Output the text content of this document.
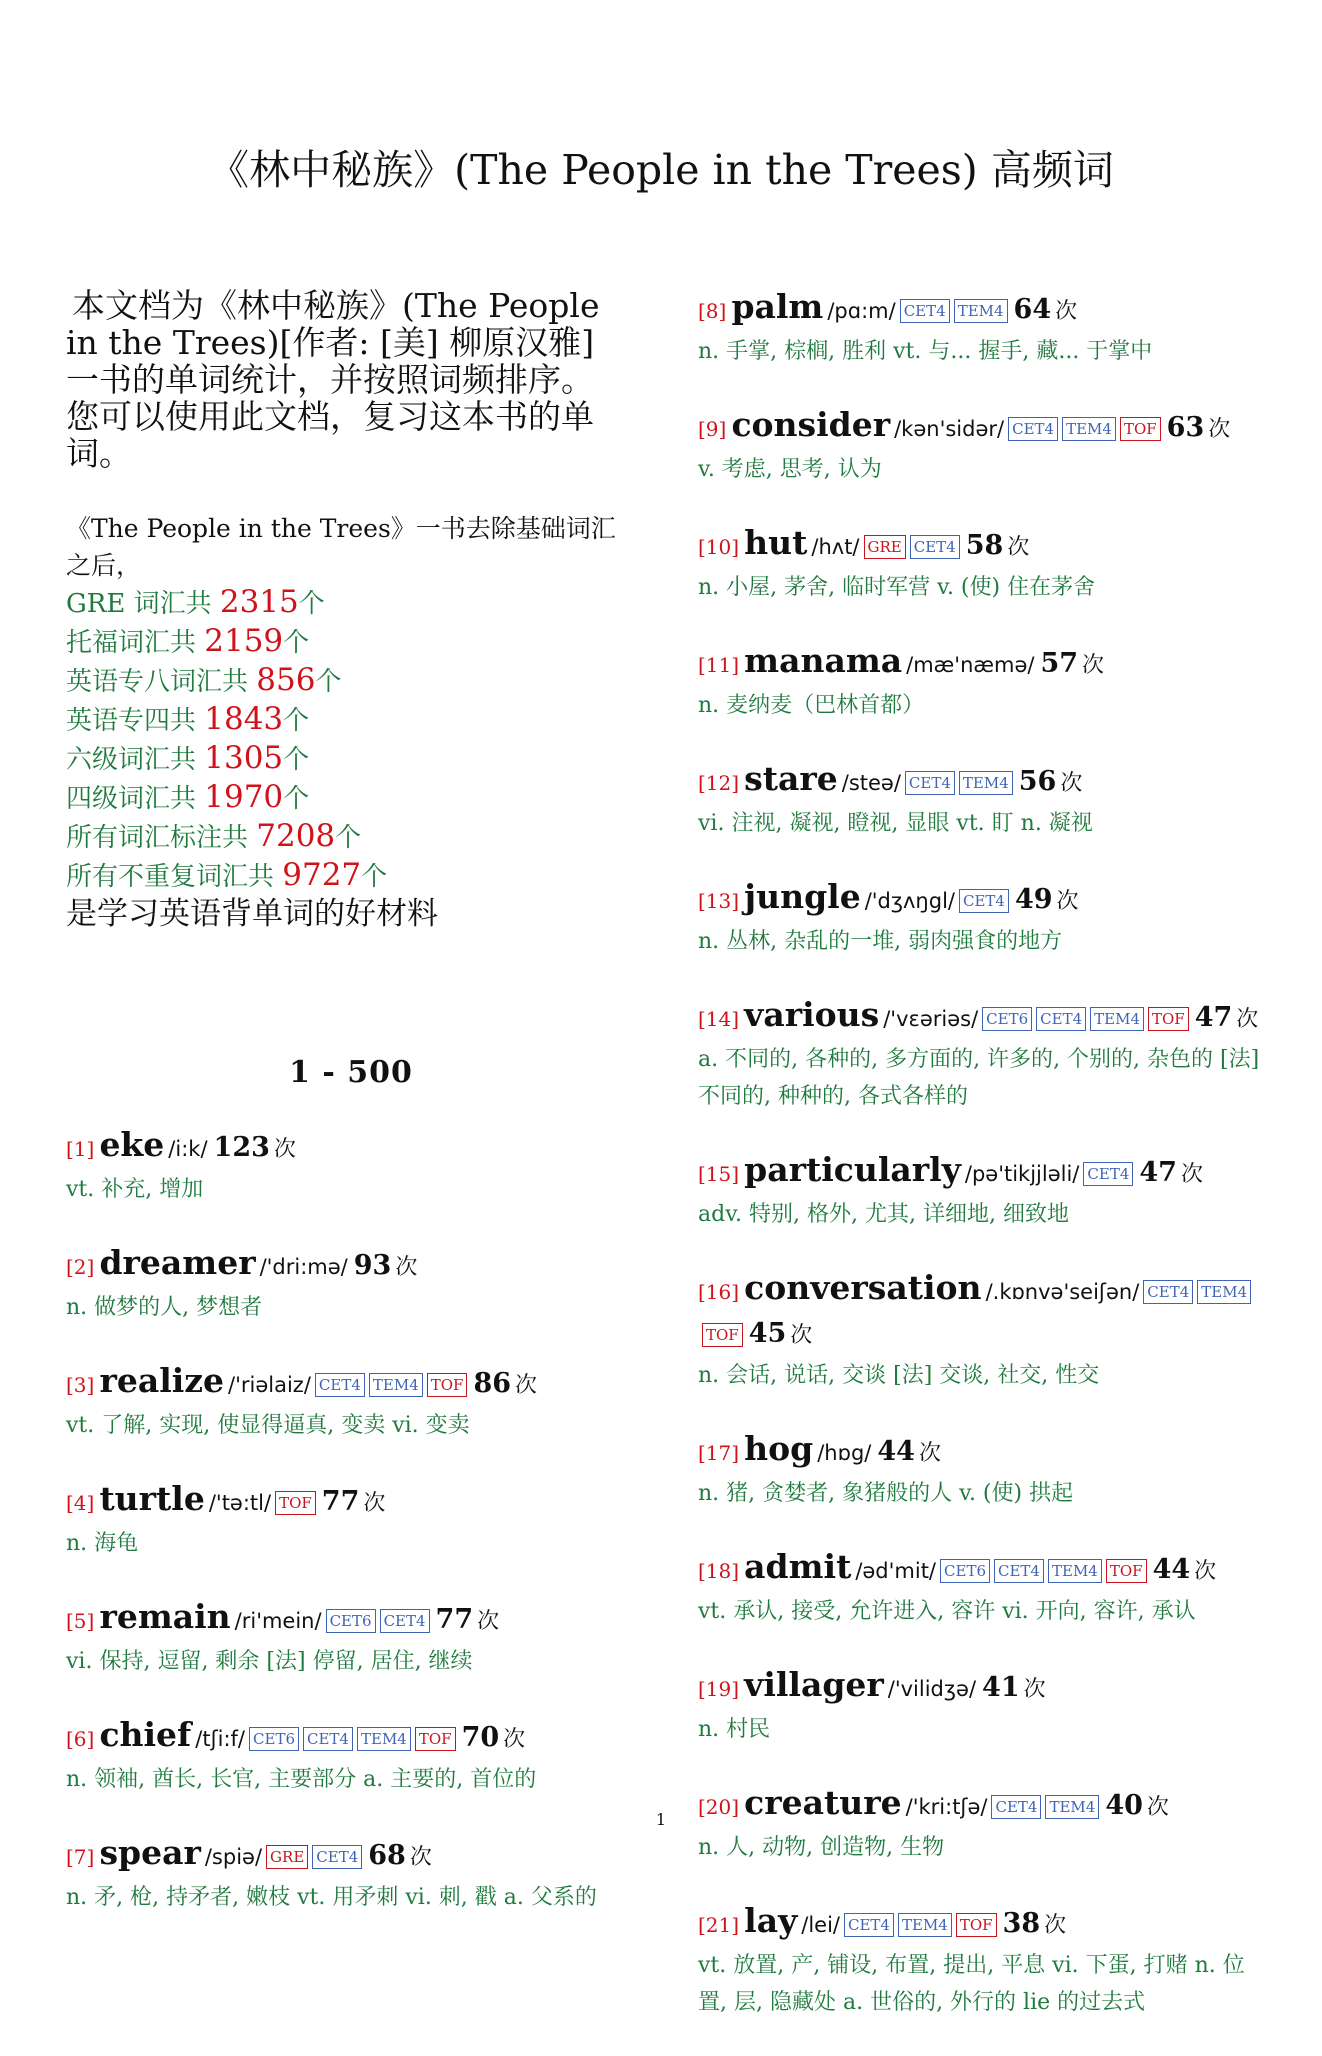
《林中秘族》(The People in the Trees) 高频词

本文档为《林中秘族》(The People in the Trees)[作者: [美] 柳原汉雅] 一书的单词统计，并按照词频排序。

您可以使用此文档，复习这本书的单词。

《The People in the Trees》一书去除基础词汇之后，
GRE 词汇共 2315个
托福词汇共 2159个
英语专八词汇共 856个
英语专四共 1843个
六级词汇共 1305个
四级词汇共 1970个
所有词汇标注共 7208个
所有不重复词汇共 9727个
是学习英语背单词的好材料
1 - 500
[1] eke /i:k/ 123 次
vt. 补充, 增加
[2] dreamer /'dri:mə/ 93 次
n. 做梦的人, 梦想者
[3] realize /'riəlaiz/ CET4 TEM4 TOF 86 次
vt. 了解, 实现, 使显得逼真, 变卖 vi. 变卖
[4] turtle /'tə:tl/ TOF 77 次
n. 海龟
[5] remain /ri'mein/ CET6 CET4 77 次
vi. 保持, 逗留, 剩余 [法] 停留, 居住, 继续
[6] chief /tʃi:f/ CET6 CET4 TEM4 TOF 70 次
n. 领袖, 酋长, 长官, 主要部分 a. 主要的, 首位的
[7] spear /spiə/ GRE CET4 68 次
n. 矛, 枪, 持矛者, 嫩枝 vt. 用矛刺 vi. 刺, 戳 a. 父系的
[8] palm /pɑ:m/ CET4 TEM4 64 次
n. 手掌, 棕榈, 胜利 vt. 与... 握手, 藏... 于掌中
[9] consider /kən'sidər/ CET4 TEM4 TOF 63 次
v. 考虑, 思考, 认为
[10] hut /hʌt/ GRE CET4 58 次
n. 小屋, 茅舍, 临时军营 v. (使) 住在茅舍
[11] manama /mæ'næmə/ 57 次
n. 麦纳麦（巴林首都）
[12] stare /steə/ CET4 TEM4 56 次
vi. 注视, 凝视, 瞪视, 显眼 vt. 盯 n. 凝视
[13] jungle /'dʒʌŋgl/ CET4 49 次
n. 丛林, 杂乱的一堆, 弱肉强食的地方
[14] various /'vɛəriəs/ CET6 CET4 TEM4 TOF 47 次
a. 不同的, 各种的, 多方面的, 许多的, 个别的, 杂色的 [法] 不同的, 种种的, 各式各样的
[15] particularly /pə'tikjjləli/ CET4 47 次
adv. 特别, 格外, 尤其, 详细地, 细致地
[16] conversation /.kɒnvə'seiʃən/ CET4 TEM4TOF 45 次
n. 会话, 说话, 交谈 [法] 交谈, 社交, 性交
[17] hog /hɒg/ 44 次
n. 猪, 贪婪者, 象猪般的人 v. (使) 拱起
[18] admit /əd'mit/ CET6 CET4 TEM4 TOF 44 次
vt. 承认, 接受, 允许进入, 容许 vi. 开向, 容许, 承认
[19] villager /'vilidʒə/ 41 次
n. 村民
[20] creature /'kri:tʃə/ CET4 TEM4 40 次
n. 人, 动物, 创造物, 生物
[21] lay /lei/ CET4 TEM4 TOF 38 次
vt. 放置, 产, 铺设, 布置, 提出, 平息 vi. 下蛋, 打赌 n. 位置, 层, 隐藏处 a. 世俗的, 外行的 lie 的过去式
1
